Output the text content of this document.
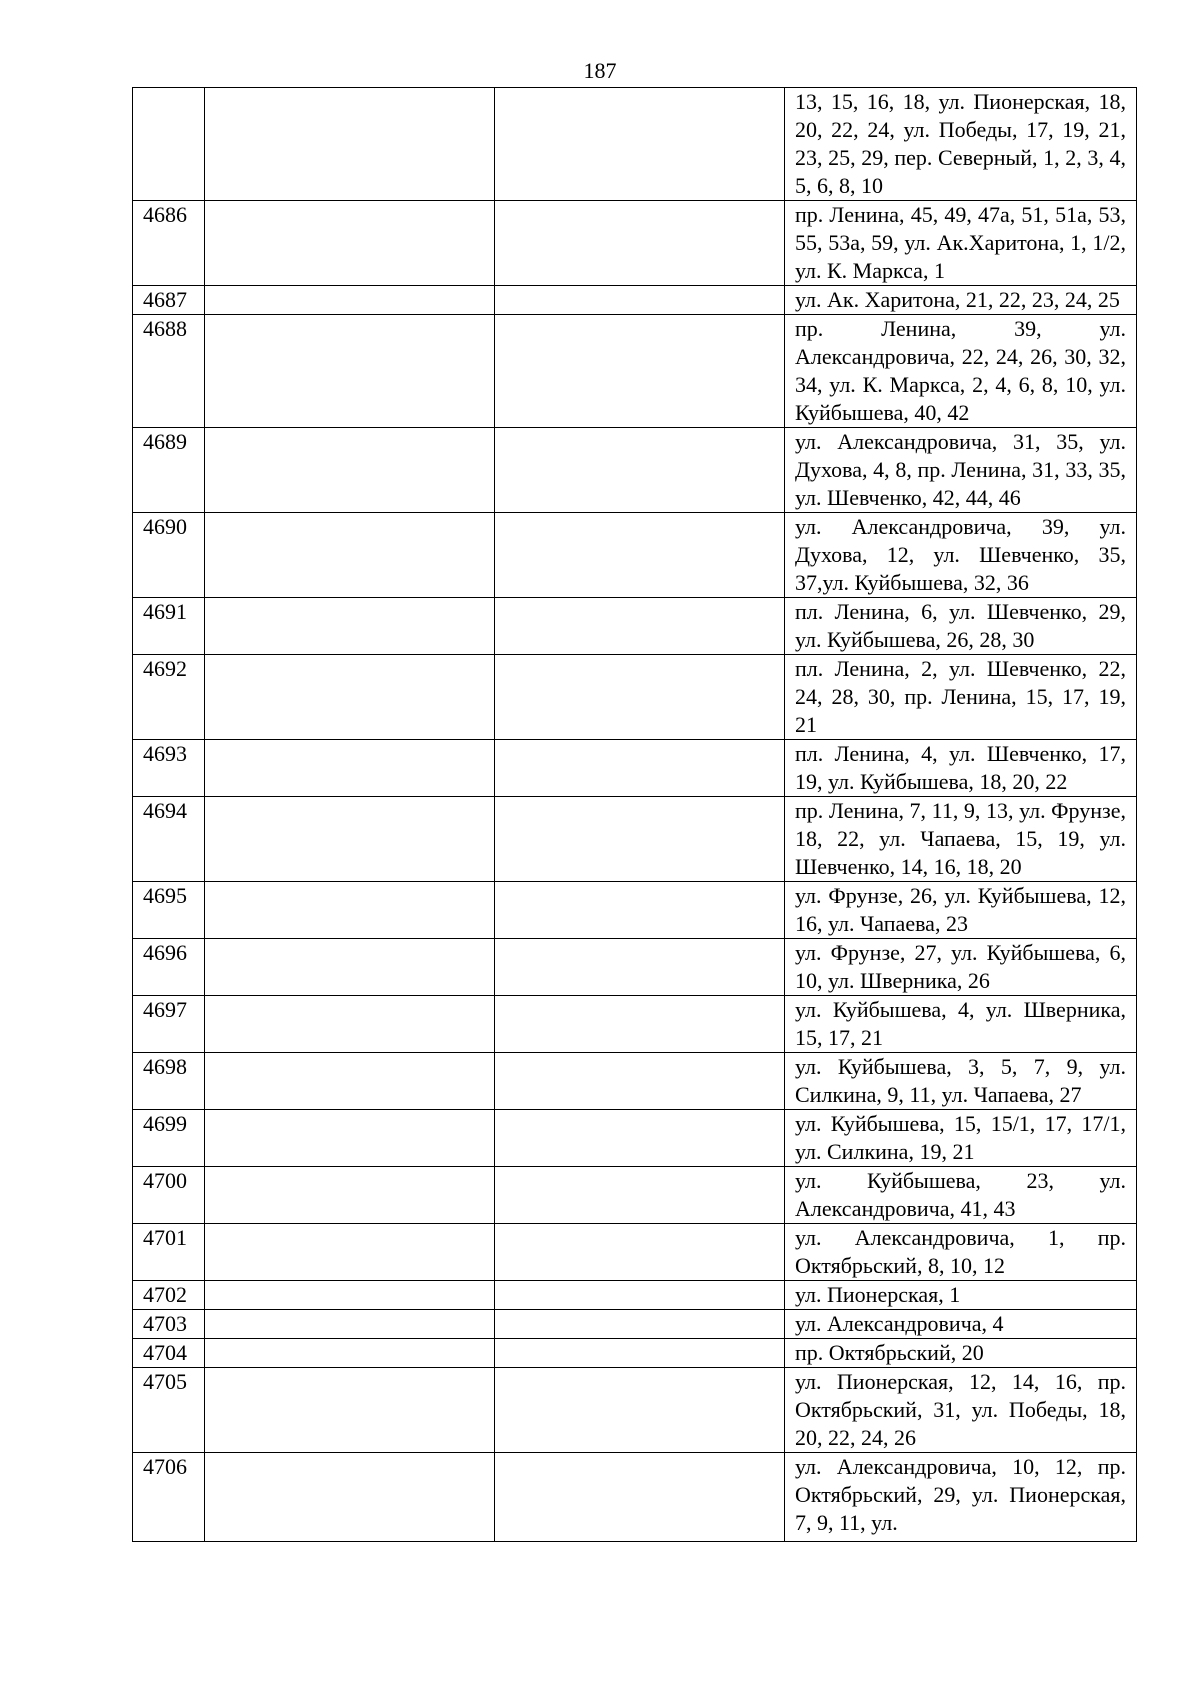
187
			13, 15, 16, 18, ул. Пионерская, 18, 20, 22, 24, ул. Победы, 17, 19, 21, 23, 25, 29, пер. Северный, 1, 2, 3, 4, 5, 6, 8, 10
4686			пр. Ленина, 45, 49, 47а, 51, 51а, 53, 55, 53а, 59, ул. Ак.Харитона, 1, 1/2, ул. К. Маркса, 1
4687			ул. Ак. Харитона, 21, 22, 23, 24, 25
4688			пр. Ленина, 39, ул. Александровича, 22, 24, 26, 30, 32, 34, ул. К. Маркса, 2, 4, 6, 8, 10, ул. Куйбышева, 40, 42
4689			ул. Александровича, 31, 35, ул. Духова, 4, 8, пр. Ленина, 31, 33, 35, ул. Шевченко, 42, 44, 46
4690			ул. Александровича, 39, ул. Духова, 12, ул. Шевченко, 35, 37,ул. Куйбышева, 32, 36
4691			пл. Ленина, 6, ул. Шевченко, 29, ул. Куйбышева, 26, 28, 30
4692			пл. Ленина, 2, ул. Шевченко, 22, 24, 28, 30, пр. Ленина, 15, 17, 19, 21
4693			пл. Ленина, 4, ул. Шевченко, 17, 19, ул. Куйбышева, 18, 20, 22
4694			пр. Ленина, 7, 11, 9, 13, ул. Фрунзе, 18, 22, ул. Чапаева, 15, 19, ул. Шевченко, 14, 16, 18, 20
4695			ул. Фрунзе, 26, ул. Куйбышева, 12, 16, ул. Чапаева, 23
4696			ул. Фрунзе, 27, ул. Куйбышева, 6, 10, ул. Шверника, 26
4697			ул. Куйбышева, 4, ул. Шверника, 15, 17, 21
4698			ул. Куйбышева, 3, 5, 7, 9, ул. Силкина, 9, 11, ул. Чапаева, 27
4699			ул. Куйбышева, 15, 15/1, 17, 17/1, ул. Силкина, 19, 21
4700			ул. Куйбышева, 23, ул. Александровича, 41, 43
4701			ул. Александровича, 1, пр. Октябрьский, 8, 10, 12
4702			ул. Пионерская, 1
4703			ул. Александровича, 4
4704			пр. Октябрьский, 20
4705			ул. Пионерская, 12, 14, 16, пр. Октябрьский, 31, ул. Победы, 18, 20, 22, 24, 26
4706			ул. Александровича, 10, 12, пр. Октябрьский, 29, ул. Пионерская, 7, 9, 11, ул.
